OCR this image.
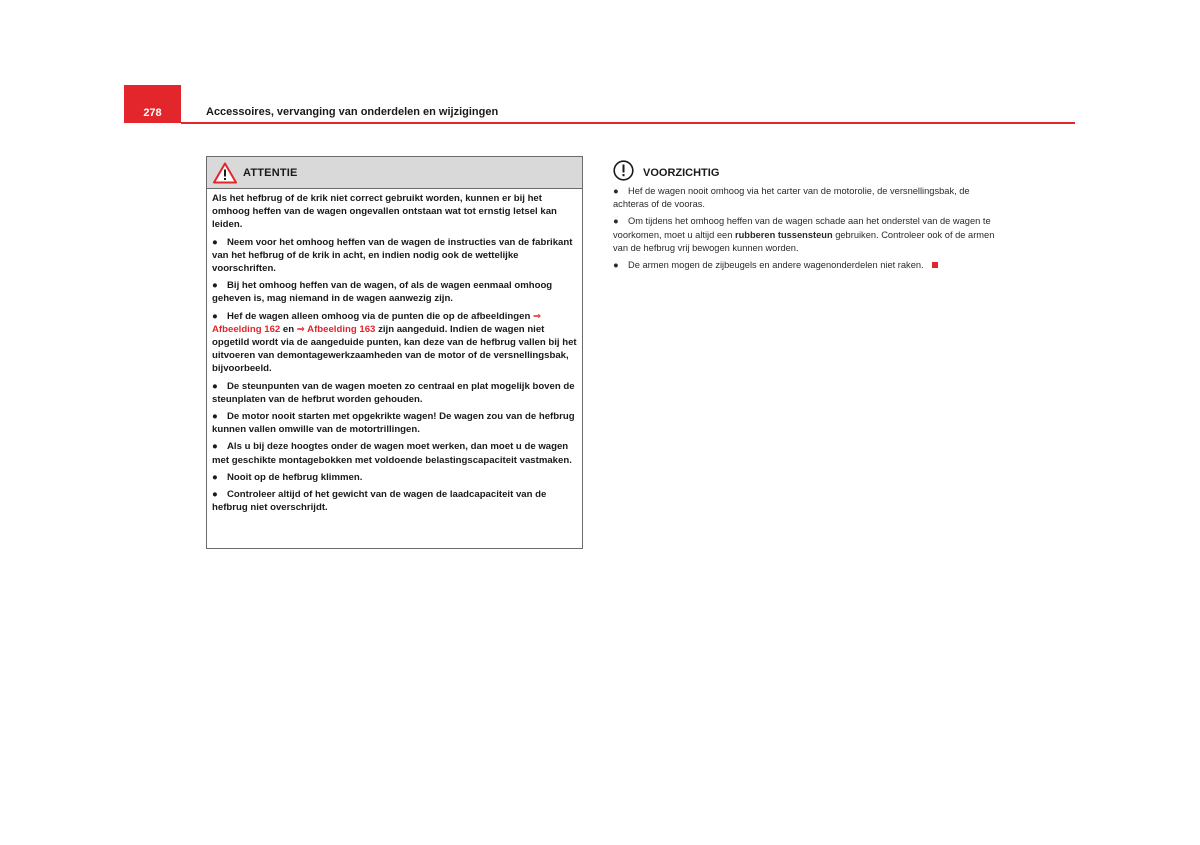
278	Accessoires, vervanging van onderdelen en wijzigingen
ATTENTIE

Als het hefbrug of de krik niet correct gebruikt worden, kunnen er bij het omhoog heffen van de wagen ongevallen ontstaan wat tot ernstig letsel kan leiden.

● Neem voor het omhoog heffen van de wagen de instructies van de fabrikant van het hefbrug of de krik in acht, en indien nodig ook de wettelijke voorschriften.

● Bij het omhoog heffen van de wagen, of als de wagen eenmaal omhoog geheven is, mag niemand in de wagen aanwezig zijn.

● Hef de wagen alleen omhoog via de punten die op de afbeeldingen ⇒ Afbeelding 162 en ⇒ Afbeelding 163 zijn aangeduid. Indien de wagen niet opgetild wordt via de aangeduide punten, kan deze van de hefbrug vallen bij het uitvoeren van demontagewerkzaamheden van de motor of de versnellingsbak, bijvoorbeeld.

● De steunpunten van de wagen moeten zo centraal en plat mogelijk boven de steunplaten van de hefbrut worden gehouden.

● De motor nooit starten met opgekrikte wagen! De wagen zou van de hefbrug kunnen vallen omwille van de motortrillingen.

● Als u bij deze hoogtes onder de wagen moet werken, dan moet u de wagen met geschikte montagebokken met voldoende belastingscapaciteit vastmaken.

● Nooit op de hefbrug klimmen.

● Controleer altijd of het gewicht van de wagen de laadcapaciteit van de hefbrug niet overschrijdt.

VOORZICHTIG

● Hef de wagen nooit omhoog via het carter van de motorolie, de versnellingsbak, de achteras of de vooras.

● Om tijdens het omhoog heffen van de wagen schade aan het onderstel van de wagen te voorkomen, moet u altijd een rubberen tussensteun gebruiken. Controleer ook of de armen van de hefbrug vrij bewogen kunnen worden.

● De armen mogen de zijbeugels en andere wagenonderdelen niet raken.
